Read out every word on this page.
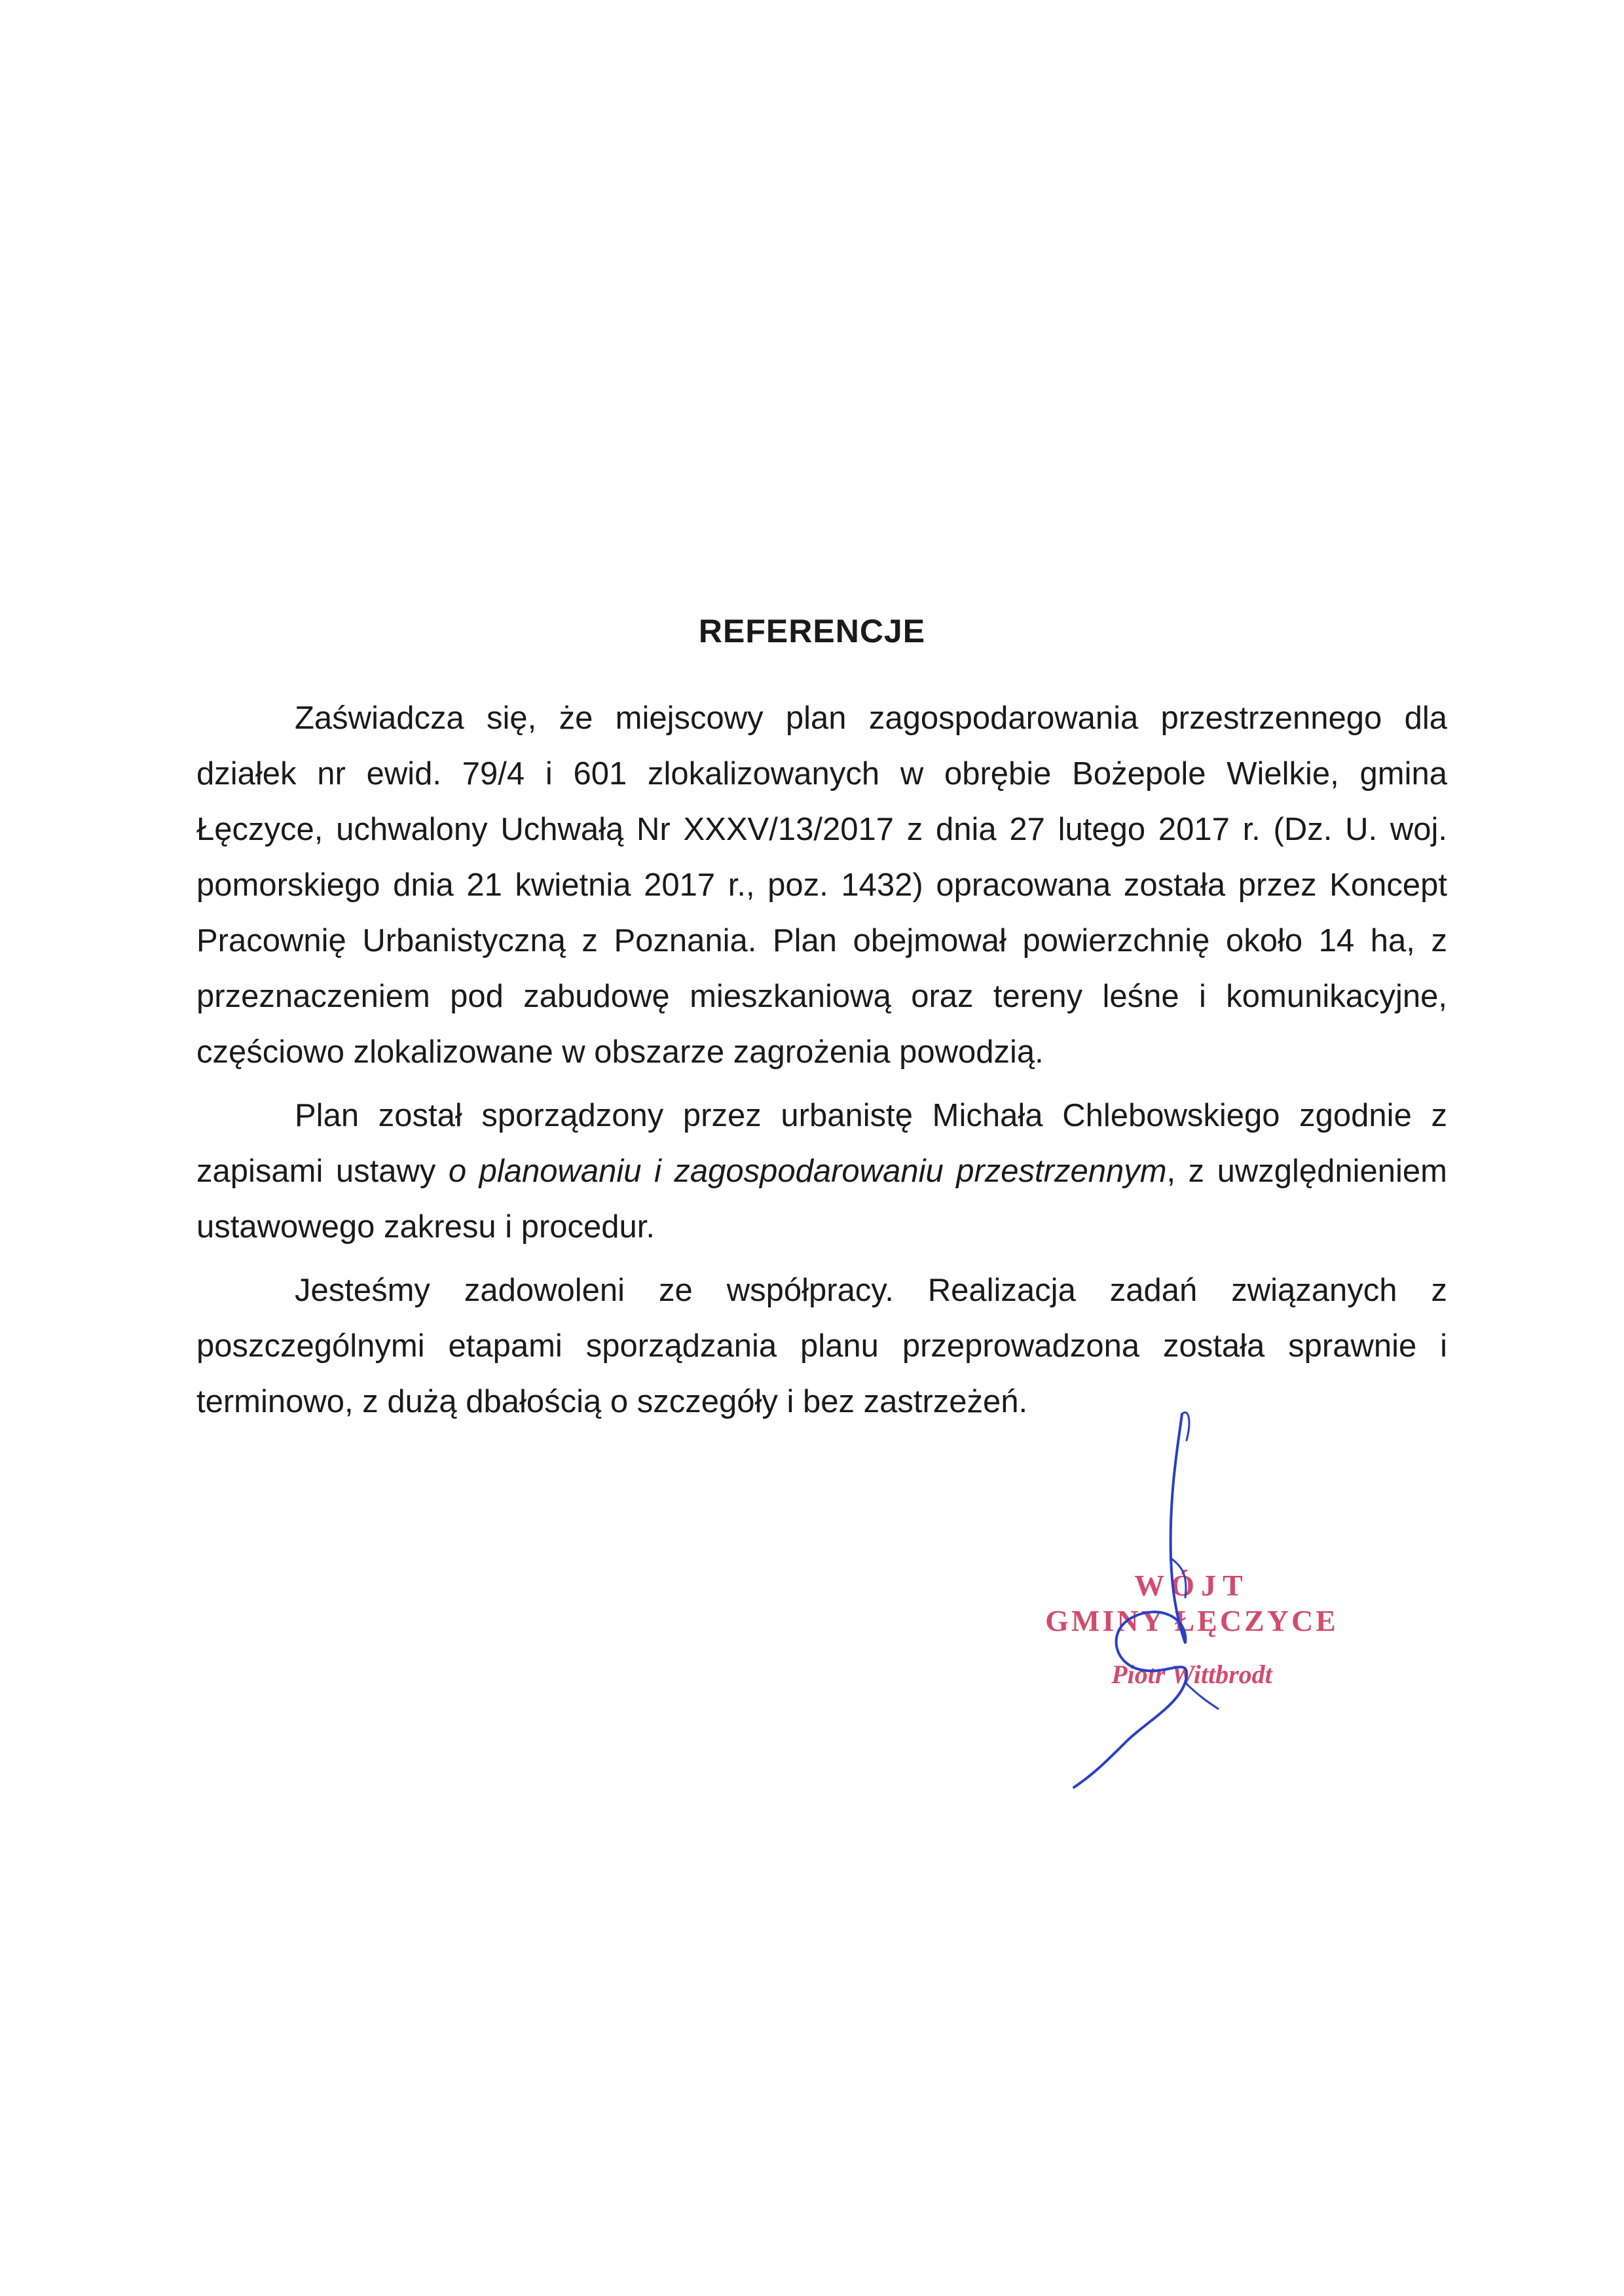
REFERENCJE

Zaświadcza się, że miejscowy plan zagospodarowania przestrzennego dla działek nr ewid. 79/4 i 601 zlokalizowanych w obrębie Bożepole Wielkie, gmina Łęczyce, uchwalony Uchwałą Nr XXXV/13/2017 z dnia 27 lutego 2017 r. (Dz. U. woj. pomorskiego dnia 21 kwietnia 2017 r., poz. 1432) opracowana została przez Koncept Pracownię Urbanistyczną z Poznania. Plan obejmował powierzchnię około 14 ha, z przeznaczeniem pod zabudowę mieszkaniową oraz tereny leśne i komunikacyjne, częściowo zlokalizowane w obszarze zagrożenia powodzią.

Plan został sporządzony przez urbanistę Michała Chlebowskiego zgodnie z zapisami ustawy o planowaniu i zagospodarowaniu przestrzennym, z uwzględnieniem ustawowego zakresu i procedur.

Jesteśmy zadowoleni ze współpracy. Realizacja zadań związanych z poszczególnymi etapami sporządzania planu przeprowadzona została sprawnie i terminowo, z dużą dbałością o szczegóły i bez zastrzeżeń.

WÓJT
GMINY ŁĘCZYCE
Piotr Wittbrodt
